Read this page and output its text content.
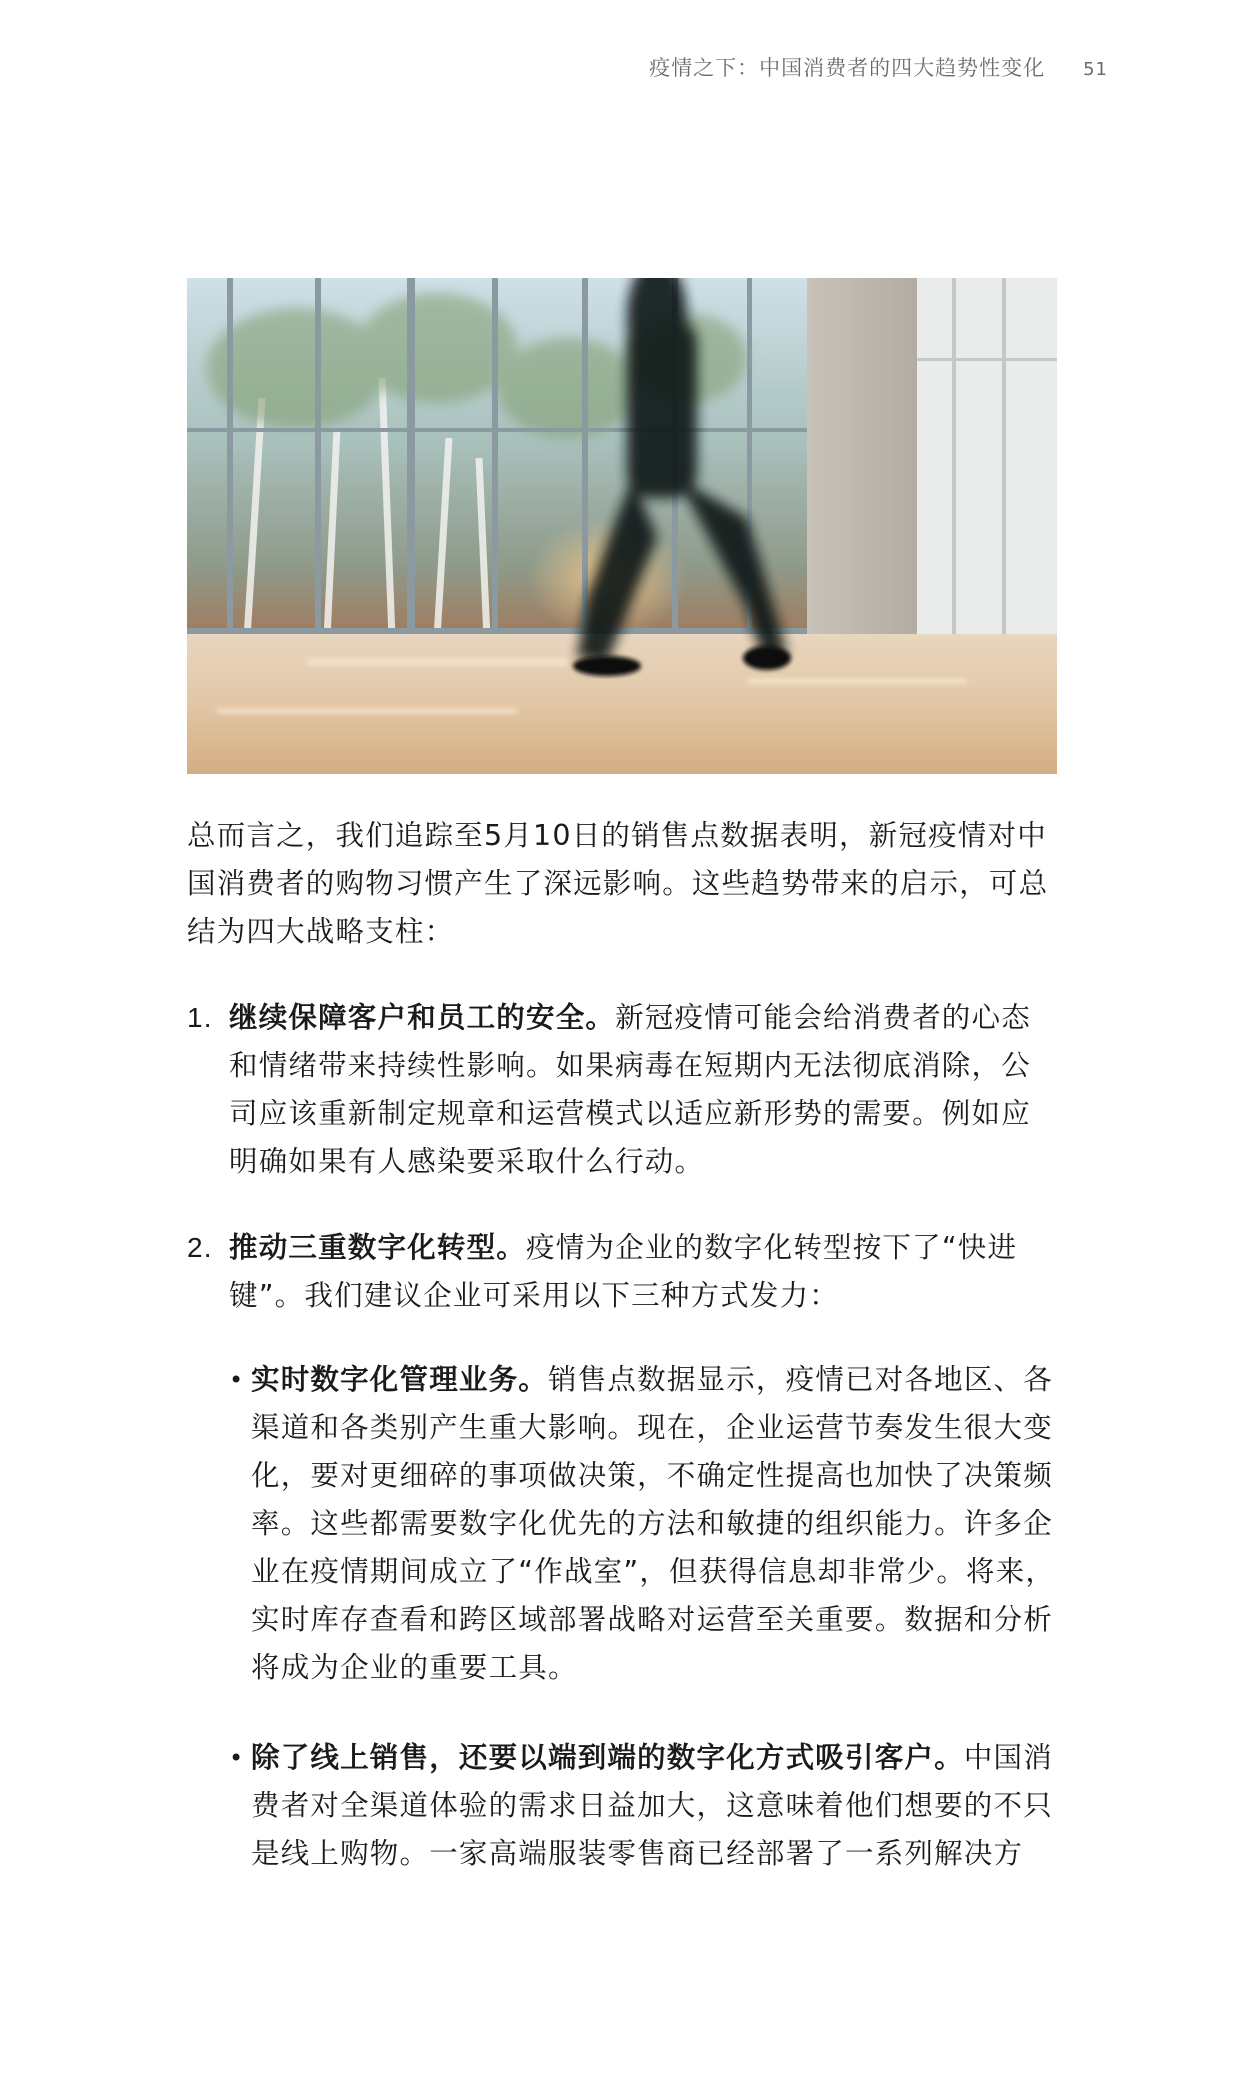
疫情之下：中国消费者的四大趋势性变化 51

总而言之，我们追踪至5月10日的销售点数据表明，新冠疫情对中国消费者的购物习惯产生了深远影响。这些趋势带来的启示，可总结为四大战略支柱：

1. 继续保障客户和员工的安全。新冠疫情可能会给消费者的心态和情绪带来持续性影响。如果病毒在短期内无法彻底消除，公司应该重新制定规章和运营模式以适应新形势的需要。例如应明确如果有人感染要采取什么行动。

2. 推动三重数字化转型。疫情为企业的数字化转型按下了“快进键”。我们建议企业可采用以下三种方式发力：

• 实时数字化管理业务。销售点数据显示，疫情已对各地区、各渠道和各类别产生重大影响。现在，企业运营节奏发生很大变化，要对更细碎的事项做决策，不确定性提高也加快了决策频率。这些都需要数字化优先的方法和敏捷的组织能力。许多企业在疫情期间成立了“作战室”，但获得信息却非常少。将来，实时库存查看和跨区域部署战略对运营至关重要。数据和分析将成为企业的重要工具。

• 除了线上销售，还要以端到端的数字化方式吸引客户。中国消费者对全渠道体验的需求日益加大，这意味着他们想要的不只是线上购物。一家高端服装零售商已经部署了一系列解决方
